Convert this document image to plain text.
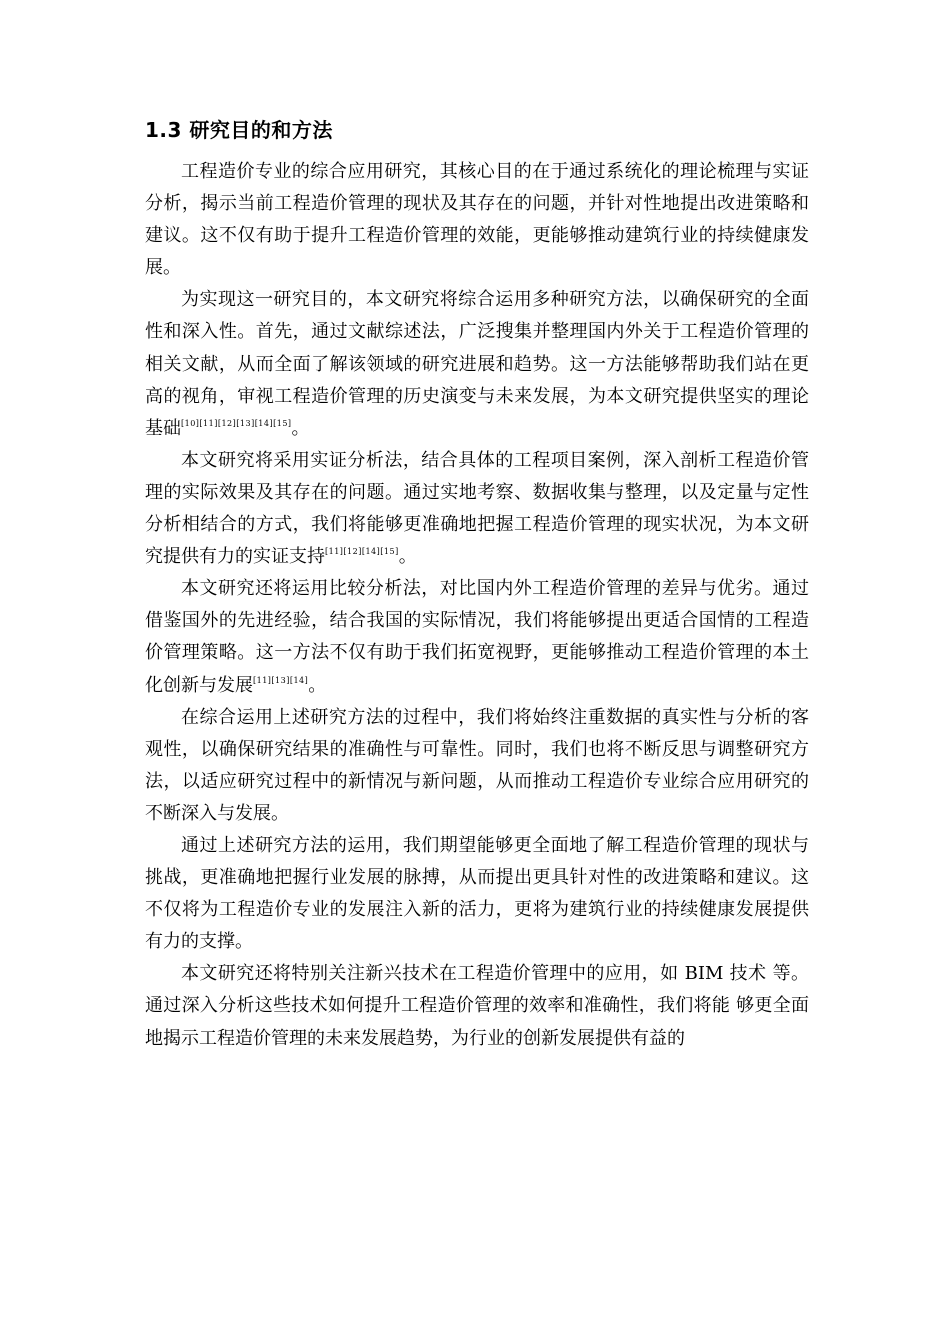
1.3 研究目的和方法

工程造价专业的综合应用研究，其核心目的在于通过系统化的理论梳理与实证分析，揭示当前工程造价管理的现状及其存在的问题，并针对性地提出改进策略和建议。这不仅有助于提升工程造价管理的效能，更能够推动建筑行业的持续健康发展。

为实现这一研究目的，本文研究将综合运用多种研究方法，以确保研究的全面性和深入性。首先，通过文献综述法，广泛搜集并整理国内外关于工程造价管理的相关文献，从而全面了解该领域的研究进展和趋势。这一方法能够帮助我们站在更高的视角，审视工程造价管理的历史演变与未来发展，为本文研究提供坚实的理论基础[10][11][12][13][14][15]。

本文研究将采用实证分析法，结合具体的工程项目案例，深入剖析工程造价管理的实际效果及其存在的问题。通过实地考察、数据收集与整理，以及定量与定性分析相结合的方式，我们将能够更准确地把握工程造价管理的现实状况，为本文研究提供有力的实证支持[11][12][14][15]。

本文研究还将运用比较分析法，对比国内外工程造价管理的差异与优劣。通过借鉴国外的先进经验，结合我国的实际情况，我们将能够提出更适合国情的工程造价管理策略。这一方法不仅有助于我们拓宽视野，更能够推动工程造价管理的本土化创新与发展[11][13][14]。

在综合运用上述研究方法的过程中，我们将始终注重数据的真实性与分析的客观性，以确保研究结果的准确性与可靠性。同时，我们也将不断反思与调整研究方法，以适应研究过程中的新情况与新问题，从而推动工程造价专业综合应用研究的不断深入与发展。

通过上述研究方法的运用，我们期望能够更全面地了解工程造价管理的现状与挑战，更准确地把握行业发展的脉搏，从而提出更具针对性的改进策略和建议。这不仅将为工程造价专业的发展注入新的活力，更将为建筑行业的持续健康发展提供有力的支撑。

本文研究还将特别关注新兴技术在工程造价管理中的应用，如 BIM 技术 等。通过深入分析这些技术如何提升工程造价管理的效率和准确性，我们将能 够更全面地揭示工程造价管理的未来发展趋势，为行业的创新发展提供有益的
